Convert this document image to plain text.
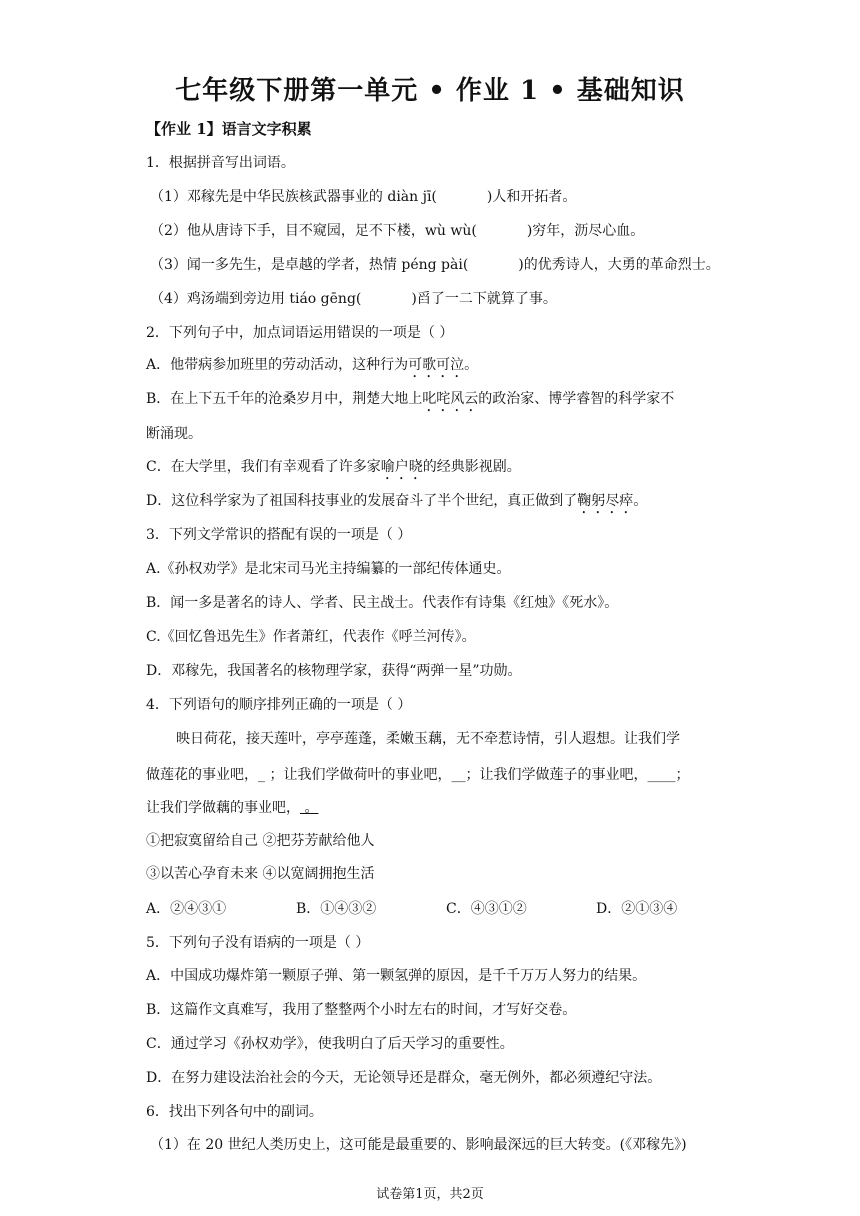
七年级下册第一单元 • 作业 1 • 基础知识
【作业 1】语言文字积累
1．根据拼音写出词语。
（1）邓稼先是中华民族核武器事业的 diàn jī(	)人和开拓者。
（2）他从唐诗下手，目不窥园，足不下楼，wù wù(	)穷年，沥尽心血。
（3）闻一多先生，是卓越的学者，热情 péng pài(	)的优秀诗人，大勇的革命烈士。
（4）鸡汤端到旁边用 tiáo gēng(	)舀了一二下就算了事。
2．下列句子中，加点词语运用错误的一项是（ ）
A．他带病参加班里的劳动活动，这种行为可歌可泣。
B．在上下五千年的沧桑岁月中，荆楚大地上叱咤风云的政治家、博学睿智的科学家不
断涌现。
C．在大学里，我们有幸观看了许多家喻户晓的经典影视剧。
D．这位科学家为了祖国科技事业的发展奋斗了半个世纪，真正做到了鞠躬尽瘁。
3．下列文学常识的搭配有误的一项是（ ）
A.《孙权劝学》是北宋司马光主持编纂的一部纪传体通史。
B．闻一多是著名的诗人、学者、民主战士。代表作有诗集《红烛》《死水》。
C.《回忆鲁迅先生》作者萧红，代表作《呼兰河传》。
D．邓稼先，我国著名的核物理学家，获得“两弹一星”功勋。
4．下列语句的顺序排列正确的一项是（ ）
映日荷花，接天莲叶，亭亭莲蓬，柔嫩玉藕，无不牵惹诗情，引人遐想。让我们学
做莲花的事业吧，_ ；让我们学做荷叶的事业吧，__；让我们学做莲子的事业吧，____；
让我们学做藕的事业吧， 。
①把寂寞留给自己 ②把芬芳献给他人
③以苦心孕育未来 ④以宽阔拥抱生活
A．②④③①	B．①④③②	C．④③①②	D．②①③④
5．下列句子没有语病的一项是（ ）
A．中国成功爆炸第一颗原子弹、第一颗氢弹的原因，是千千万万人努力的结果。
B．这篇作文真难写，我用了整整两个小时左右的时间，才写好交卷。
C．通过学习《孙权劝学》，使我明白了后天学习的重要性。
D．在努力建设法治社会的今天，无论领导还是群众，毫无例外，都必须遵纪守法。
6．找出下列各句中的副词。
（1）在 20 世纪人类历史上，这可能是最重要的、影响最深远的巨大转变。(《邓稼先》)
试卷第1页，共2页
